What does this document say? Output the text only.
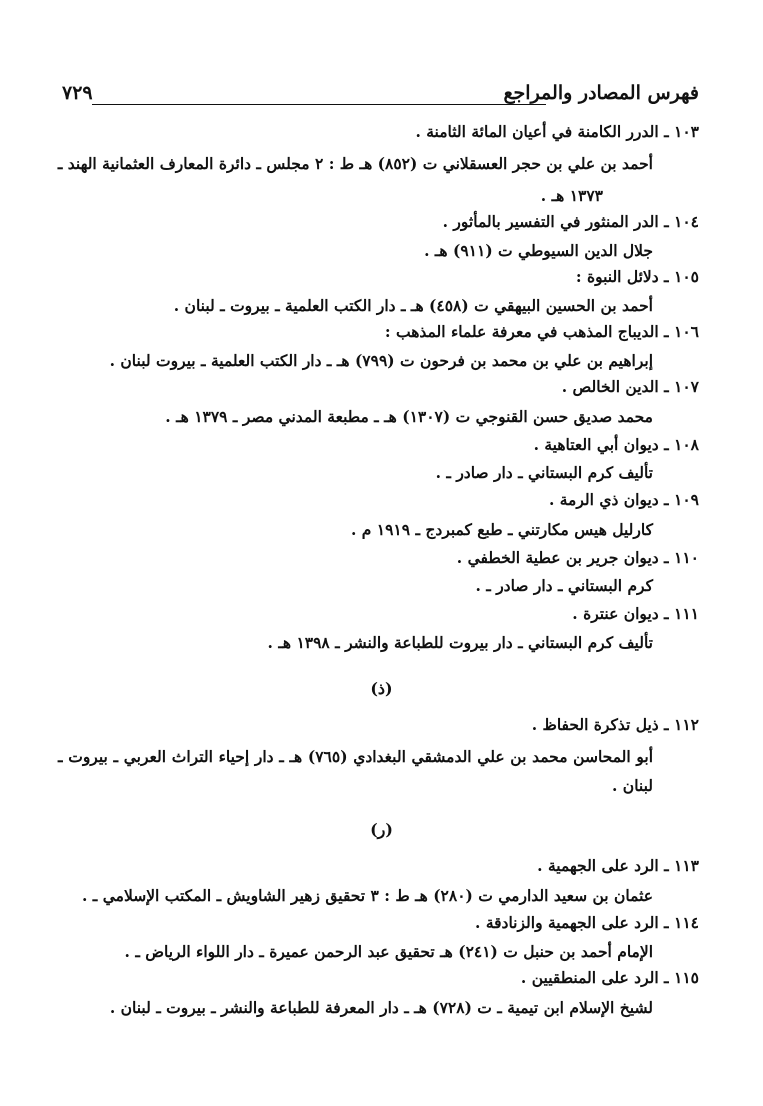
فهرس المصادر والمراجع
٧٢٩
١٠٣ ـ الدرر الكامنة في أعيان المائة الثامنة .
أحمد بن علي بن حجر العسقلاني ت (٨٥٢) هـ ط : ٢ مجلس ـ دائرة المعارف العثمانية الهند ـ
١٣٧٣ هـ .
١٠٤ ـ الدر المنثور في التفسير بالمأثور .
جلال الدين السيوطي ت (٩١١) هـ .
١٠٥ ـ دلائل النبوة :
أحمد بن الحسين البيهقي ت (٤٥٨) هـ ـ دار الكتب العلمية ـ بيروت ـ لبنان .
١٠٦ ـ الديباج المذهب في معرفة علماء المذهب :
إبراهيم بن علي بن محمد بن فرحون ت (٧٩٩) هـ ـ دار الكتب العلمية ـ بيروت لبنان .
١٠٧ ـ الدين الخالص .
محمد صديق حسن القنوجي ت (١٣٠٧) هـ ـ مطبعة المدني مصر ـ ١٣٧٩ هـ .
١٠٨ ـ ديوان أبي العتاهية .
تأليف كرم البستاني ـ دار صادر ـ .
١٠٩ ـ ديوان ذي الرمة .
كارليل هيس مكارتني ـ طبع كمبردج ـ ١٩١٩ م .
١١٠ ـ ديوان جرير بن عطية الخطفي .
كرم البستاني ـ دار صادر ـ .
١١١ ـ ديوان عنترة .
تأليف كرم البستاني ـ دار بيروت للطباعة والنشر ـ ١٣٩٨ هـ .
(ذ)
١١٢ ـ ذيل تذكرة الحفاظ .
أبو المحاسن محمد بن علي الدمشقي البغدادي (٧٦٥) هـ ـ دار إحياء التراث العربي ـ بيروت ـ
لبنان .
(ر)
١١٣ ـ الرد على الجهمية .
عثمان بن سعيد الدارمي ت (٢٨٠) هـ ط : ٣ تحقيق زهير الشاويش ـ المكتب الإسلامي ـ .
١١٤ ـ الرد على الجهمية والزنادقة .
الإمام أحمد بن حنبل ت (٢٤١) هـ تحقيق عبد الرحمن عميرة ـ دار اللواء الرياض ـ .
١١٥ ـ الرد على المنطقيين .
لشيخ الإسلام ابن تيمية ـ ت (٧٢٨) هـ ـ دار المعرفة للطباعة والنشر ـ بيروت ـ لبنان .
